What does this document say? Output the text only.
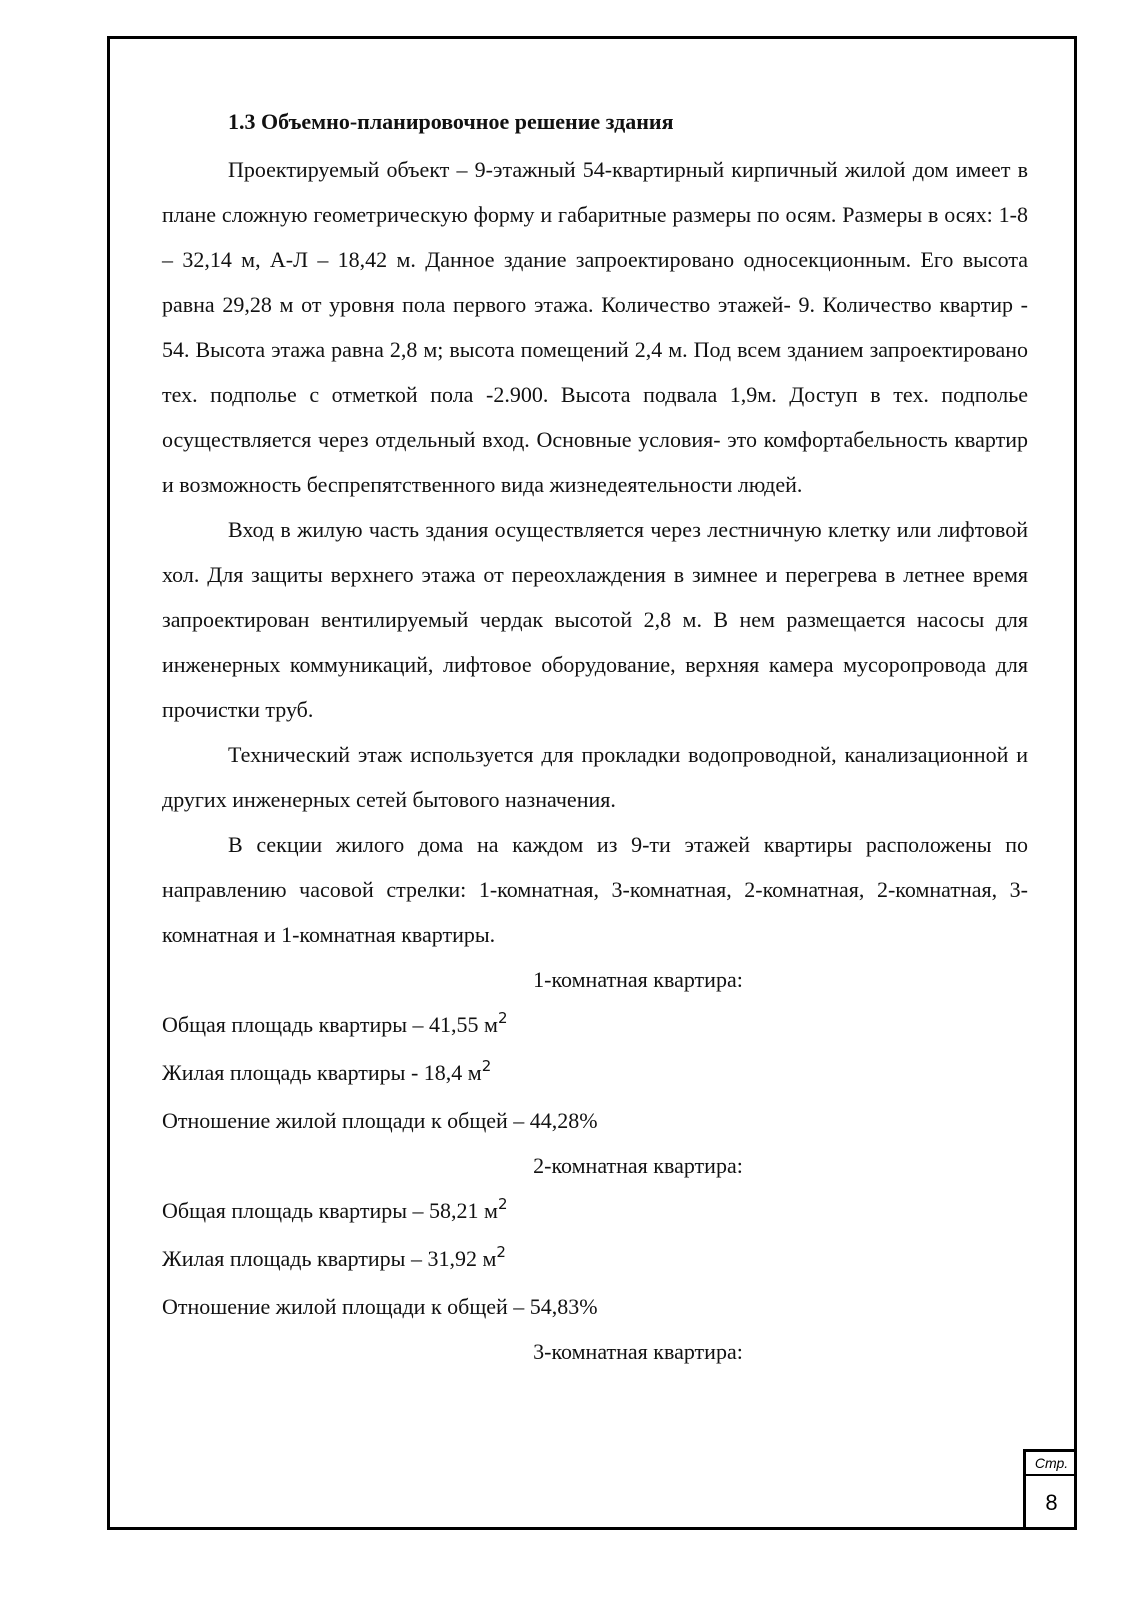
1.3 Объемно-планировочное решение здания

Проектируемый объект – 9-этажный 54-квартирный кирпичный жилой дом имеет в плане сложную геометрическую форму и габаритные размеры по осям. Размеры в осях: 1-8 – 32,14 м, А-Л – 18,42 м. Данное здание запроектировано односекционным. Его высота равна 29,28 м от уровня пола первого этажа. Количество этажей- 9. Количество квартир - 54. Высота этажа равна 2,8 м; высота помещений 2,4 м. Под всем зданием запроектировано тех. подполье с отметкой пола -2.900. Высота подвала 1,9м. Доступ в тех. подполье осуществляется через отдельный вход. Основные условия- это комфортабельность квартир и возможность беспрепятственного вида жизнедеятельности людей.

Вход в жилую часть здания осуществляется через лестничную клетку или лифтовой хол. Для защиты верхнего этажа от переохлаждения в зимнее и перегрева в летнее время запроектирован вентилируемый чердак высотой 2,8 м. В нем размещается насосы для инженерных коммуникаций, лифтовое оборудование, верхняя камера мусоропровода для прочистки труб.

Технический этаж используется для прокладки водопроводной, канализационной и других инженерных сетей бытового назначения.

В секции жилого дома на каждом из 9-ти этажей квартиры расположены по направлению часовой стрелки: 1-комнатная, 3-комнатная, 2-комнатная, 2-комнатная, 3-комнатная и 1-комнатная квартиры.

1-комнатная квартира:

Общая площадь квартиры – 41,55 $м^2$

Жилая площадь квартиры - 18,4 $м^2$

Отношение жилой площади к общей – 44,28%

2-комнатная квартира:

Общая площадь квартиры – 58,21 $м^2$

Жилая площадь квартиры – 31,92 $м^2$

Отношение жилой площади к общей – 54,83%

3-комнатная квартира:

Стр.
8
